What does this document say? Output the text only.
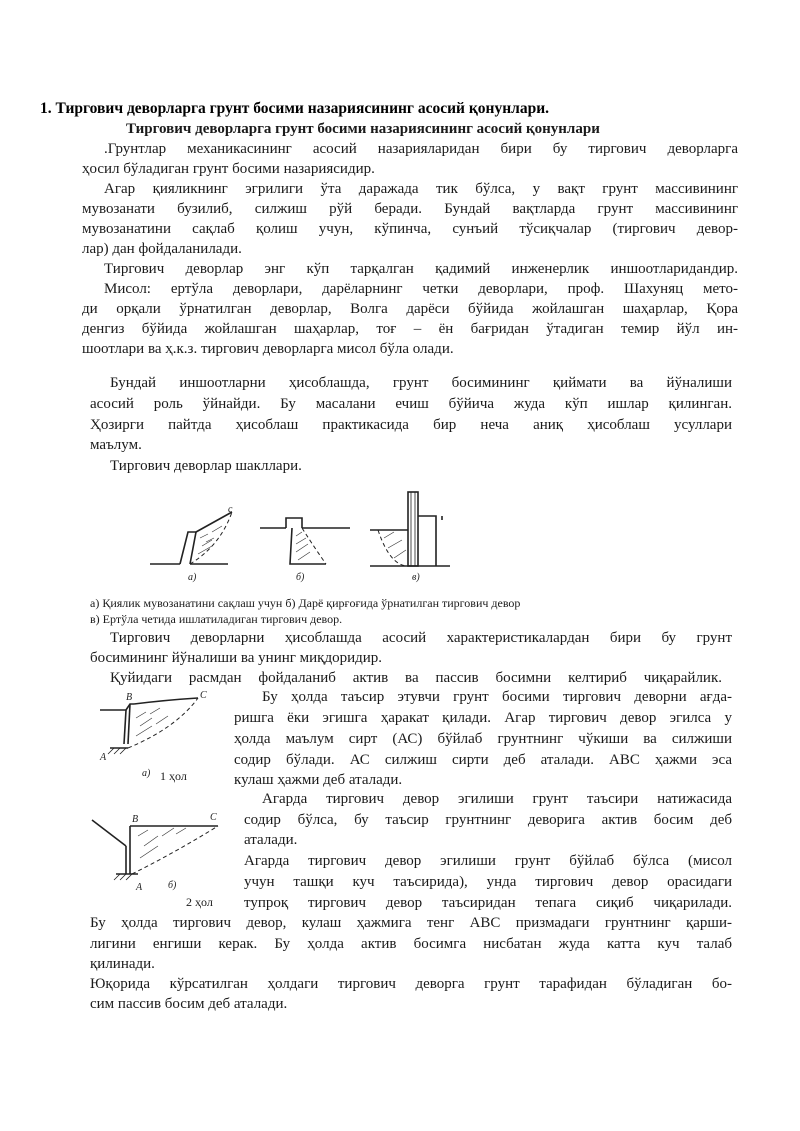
1. Тиргович деворларга грунт босими назариясининг асосий қонунлари.
Тиргович деворларга грунт босими назариясининг асосий қонунлари
.Грунтлар механикасининг асосий назарияларидан бири бу тиргович деворларга
ҳосил бўладиган грунт босими назариясидир.
Агар қияликнинг эгрилиги ўта даражада тик бўлса, у вақт грунт массивининг
мувозанати бузилиб, силжиш рўй беради. Бундай вақтларда грунт массивининг
мувозанатини сақлаб қолиш учун, кўпинча, сунъий тўсиқчалар (тиргович девор-
лар) дан фойдаланилади.
Тиргович деворлар энг кўп тарқалган қадимий инженерлик иншоотларидандир.
Мисол: ертўла деворлари, дарёларнинг четки деворлари, проф. Шахуняц мето-
ди орқали ўрнатилган деворлар, Волга дарёси бўйида жойлашган шаҳарлар, Қора
денгиз бўйида жойлашган шаҳарлар, тоғ – ён бағридан ўтадиган темир йўл ин-
шоотлари ва ҳ.к.з. тиргович деворларга мисол бўла олади.
Бундай иншоотларни ҳисоблашда, грунт босимининг қиймати ва йўналиши
асосий роль ўйнайди. Бу масалани ечиш бўйича жуда кўп ишлар қилинган.
Ҳозирги пайтда ҳисоблаш практикасида бир неча аниқ ҳисоблаш усуллари
маълум.
Тиргович деворлар шакллари.
c
а)	б)	в)
а) Қиялик мувозанатини сақлаш учун б) Дарё қирғоғида ўрнатилган тиргович девор
в) Ертўла четида ишлатиладиган тиргович девор.
Тиргович деворларни ҳисоблашда асосий характеристикалардан бири бу грунт
босимининг йўналиши ва унинг миқдоридир.
Қуйидаги расмдан фойдаланиб актив ва пассив босимни келтириб чиқарайлик.
В	C
A
а) 1 ҳол
Бу ҳолда таъсир этувчи грунт босими тиргович деворни ағда-
ришга ёки эгишга ҳаракат қилади. Агар тиргович девор эгилса у
ҳолда маълум сирт (АС) бўйлаб грунтнинг чўкиши ва силжиши
содир бўлади. АС силжиш сирти деб аталади. АВС ҳажми эса
кулаш ҳажми деб аталади.
В	С
А	б)
2 ҳол
Агарда тиргович девор эгилиши грунт таъсири натижасида
содир бўлса, бу таъсир грунтнинг деворига актив босим деб
аталади.
Агарда тиргович девор эгилиши грунт бўйлаб бўлса (мисол
учун ташқи куч таъсирида), унда тиргович девор орасидаги
тупроқ тиргович девор таъсиридан тепага сиқиб чиқарилади.
Бу ҳолда тиргович девор, кулаш ҳажмига тенг АВС призмадаги грунтнинг қарши-
лигини енгиши керак. Бу ҳолда актив босимга нисбатан жуда катта куч талаб
қилинади.
Юқорида кўрсатилган ҳолдаги тиргович деворга грунт тарафидан бўладиган бо-
сим пассив босим деб аталади.
